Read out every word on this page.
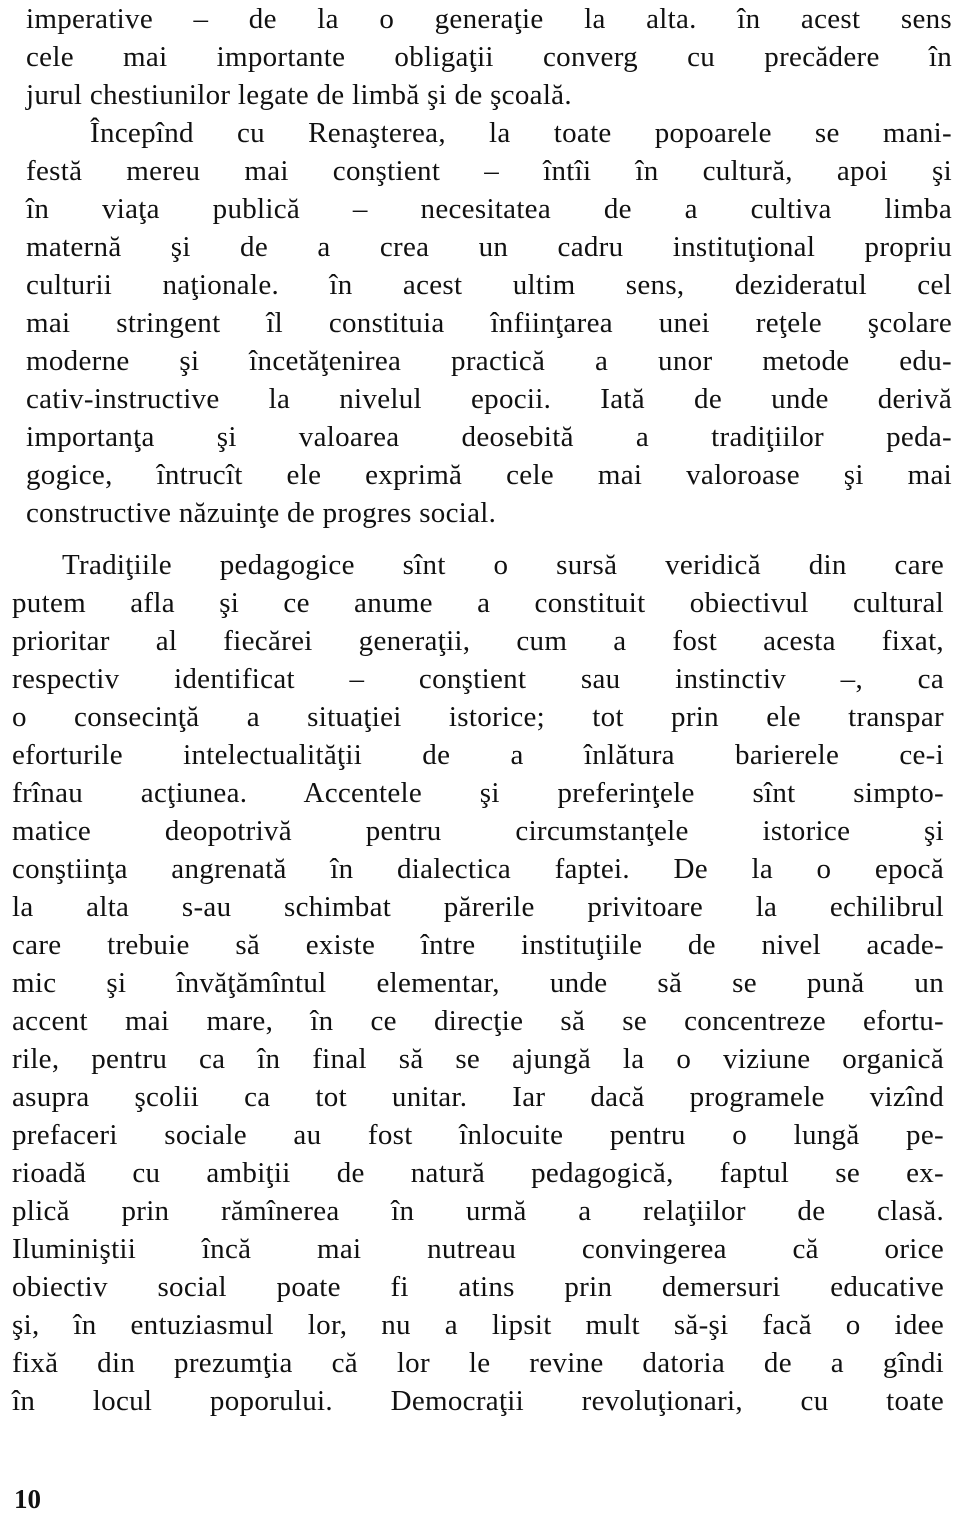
imperative – de la o generaţie la alta. în acest sens
cele mai importante obligaţii converg cu precădere în
jurul chestiunilor legate de limbă şi de şcoală.
Începînd cu Renaşterea, la toate popoarele se mani-
festă mereu mai conştient – întîi în cultură, apoi şi
în viaţa publică – necesitatea de a cultiva limba
maternă şi de a crea un cadru instituţional propriu
culturii naţionale. în acest ultim sens, dezideratul cel
mai stringent îl constituia înfiinţarea unei reţele şcolare
moderne şi încetăţenirea practică a unor metode edu-
cativ-instructive la nivelul epocii. Iată de unde derivă
importanţa şi valoarea deosebită a tradiţiilor peda-
gogice, întrucît ele exprimă cele mai valoroase şi mai
constructive năzuinţe de progres social.
Tradiţiile pedagogice sînt o sursă veridică din care
putem afla şi ce anume a constituit obiectivul cultural
prioritar al fiecărei generaţii, cum a fost acesta fixat,
respectiv identificat – conştient sau instinctiv –, ca
o consecinţă a situaţiei istorice; tot prin ele transpar
eforturile intelectualităţii de a înlătura barierele ce-i
frînau acţiunea. Accentele şi preferinţele sînt simpto-
matice deopotrivă pentru circumstanţele istorice şi
conştiinţa angrenată în dialectica faptei. De la o epocă
la alta s-au schimbat părerile privitoare la echilibrul
care trebuie să existe între instituţiile de nivel acade-
mic şi învăţămîntul elementar, unde să se pună un
accent mai mare, în ce direcţie să se concentreze efortu-
rile, pentru ca în final să se ajungă la o viziune organică
asupra şcolii ca tot unitar. Iar dacă programele vizînd
prefaceri sociale au fost înlocuite pentru o lungă pe-
rioadă cu ambiţii de natură pedagogică, faptul se ex-
plică prin rămînerea în urmă a relaţiilor de clasă.
Iluminiştii încă mai nutreau convingerea că orice
obiectiv social poate fi atins prin demersuri educative
şi, în entuziasmul lor, nu a lipsit mult să-şi facă o idee
fixă din prezumţia că lor le revine datoria de a gîndi
în locul poporului. Democraţii revoluţionari, cu toate
10
